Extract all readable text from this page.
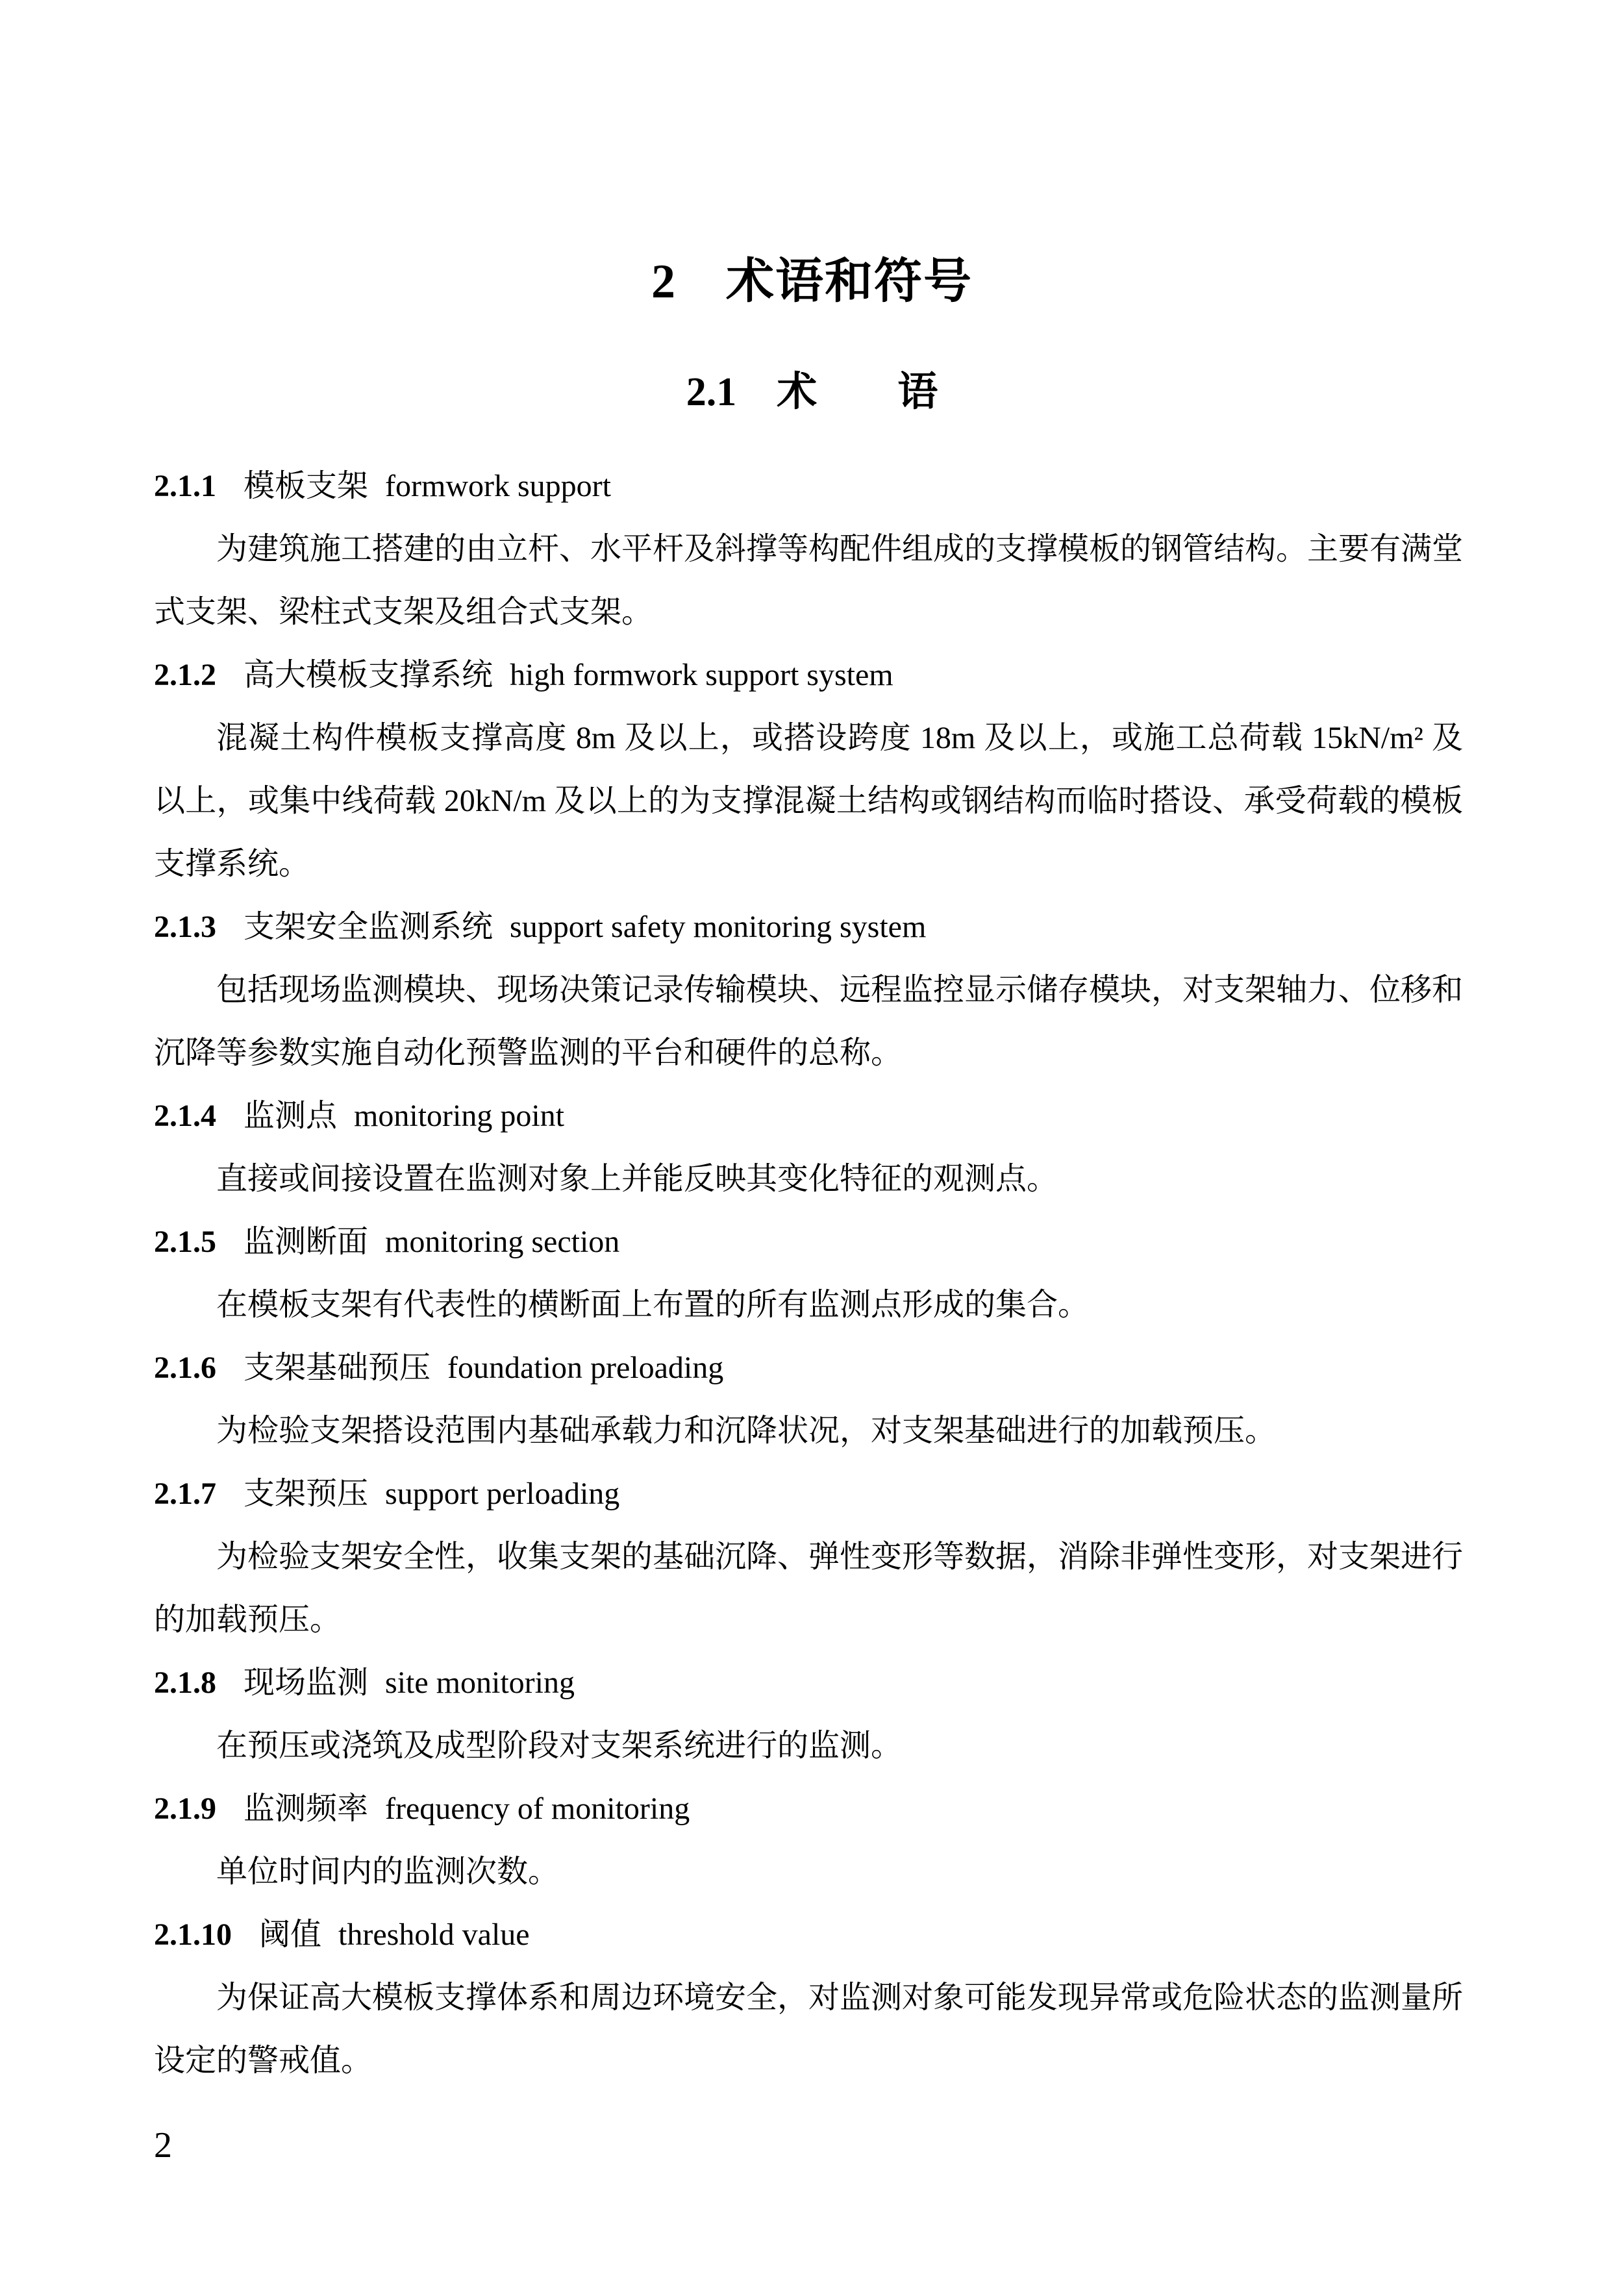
2　术语和符号
2.1　术　　语
2.1.1 模板支架 formwork support

为建筑施工搭建的由立杆、水平杆及斜撑等构配件组成的支撑模板的钢管结构。主要有满堂式支架、梁柱式支架及组合式支架。

2.1.2 高大模板支撑系统 high formwork support system

混凝土构件模板支撑高度 8m 及以上，或搭设跨度 18m 及以上，或施工总荷载 15kN/m² 及以上，或集中线荷载 20kN/m 及以上的为支撑混凝土结构或钢结构而临时搭设、承受荷载的模板支撑系统。

2.1.3 支架安全监测系统 support safety monitoring system

包括现场监测模块、现场决策记录传输模块、远程监控显示储存模块，对支架轴力、位移和沉降等参数实施自动化预警监测的平台和硬件的总称。

2.1.4 监测点 monitoring point

直接或间接设置在监测对象上并能反映其变化特征的观测点。

2.1.5 监测断面 monitoring section

在模板支架有代表性的横断面上布置的所有监测点形成的集合。

2.1.6 支架基础预压 foundation preloading

为检验支架搭设范围内基础承载力和沉降状况，对支架基础进行的加载预压。

2.1.7 支架预压 support perloading

为检验支架安全性，收集支架的基础沉降、弹性变形等数据，消除非弹性变形，对支架进行的加载预压。

2.1.8 现场监测 site monitoring

在预压或浇筑及成型阶段对支架系统进行的监测。

2.1.9 监测频率 frequency of monitoring

单位时间内的监测次数。

2.1.10 阈值 threshold value

为保证高大模板支撑体系和周边环境安全，对监测对象可能发现异常或危险状态的监测量所设定的警戒值。

2
